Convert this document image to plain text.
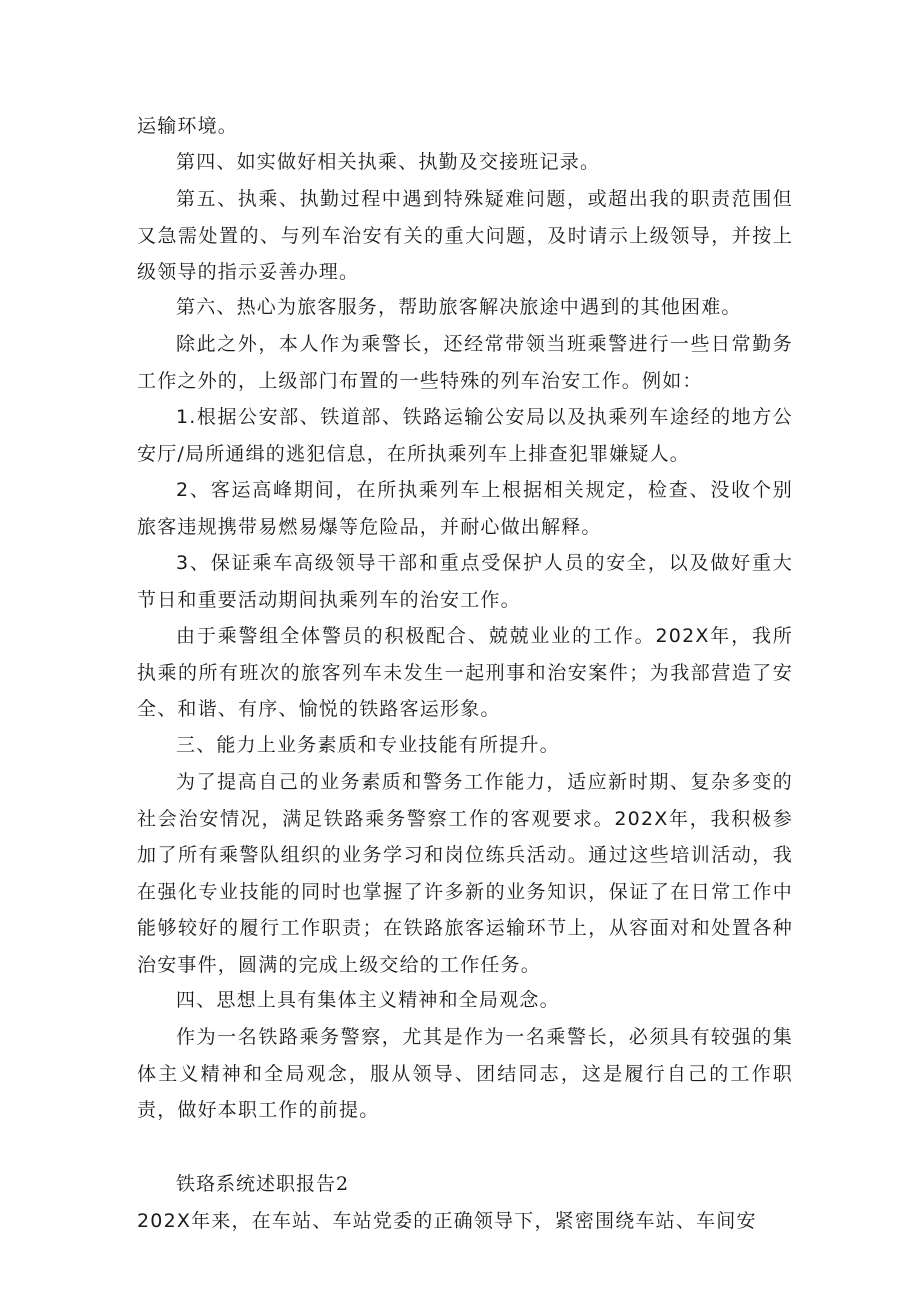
运输环境。

第四、如实做好相关执乘、执勤及交接班记录。

第五、执乘、执勤过程中遇到特殊疑难问题，或超出我的职责范围但又急需处置的、与列车治安有关的重大问题，及时请示上级领导，并按上级领导的指示妥善办理。

第六、热心为旅客服务，帮助旅客解决旅途中遇到的其他困难。

除此之外，本人作为乘警长，还经常带领当班乘警进行一些日常勤务工作之外的，上级部门布置的一些特殊的列车治安工作。例如：

1.根据公安部、铁道部、铁路运输公安局以及执乘列车途经的地方公安厅/局所通缉的逃犯信息，在所执乘列车上排查犯罪嫌疑人。

2、客运高峰期间，在所执乘列车上根据相关规定，检查、没收个别旅客违规携带易燃易爆等危险品，并耐心做出解释。

3、保证乘车高级领导干部和重点受保护人员的安全，以及做好重大节日和重要活动期间执乘列车的治安工作。

由于乘警组全体警员的积极配合、兢兢业业的工作。202X年，我所执乘的所有班次的旅客列车未发生一起刑事和治安案件；为我部营造了安全、和谐、有序、愉悦的铁路客运形象。

三、能力上业务素质和专业技能有所提升。

为了提高自己的业务素质和警务工作能力，适应新时期、复杂多变的社会治安情况，满足铁路乘务警察工作的客观要求。202X年，我积极参加了所有乘警队组织的业务学习和岗位练兵活动。通过这些培训活动，我在强化专业技能的同时也掌握了许多新的业务知识，保证了在日常工作中能够较好的履行工作职责；在铁路旅客运输环节上，从容面对和处置各种治安事件，圆满的完成上级交给的工作任务。

四、思想上具有集体主义精神和全局观念。

作为一名铁路乘务警察，尤其是作为一名乘警长，必须具有较强的集体主义精神和全局观念，服从领导、团结同志，这是履行自己的工作职责，做好本职工作的前提。

铁珞系统述职报告2

202X年来，在车站、车站党委的正确领导下，紧密围绕车站、车间安
